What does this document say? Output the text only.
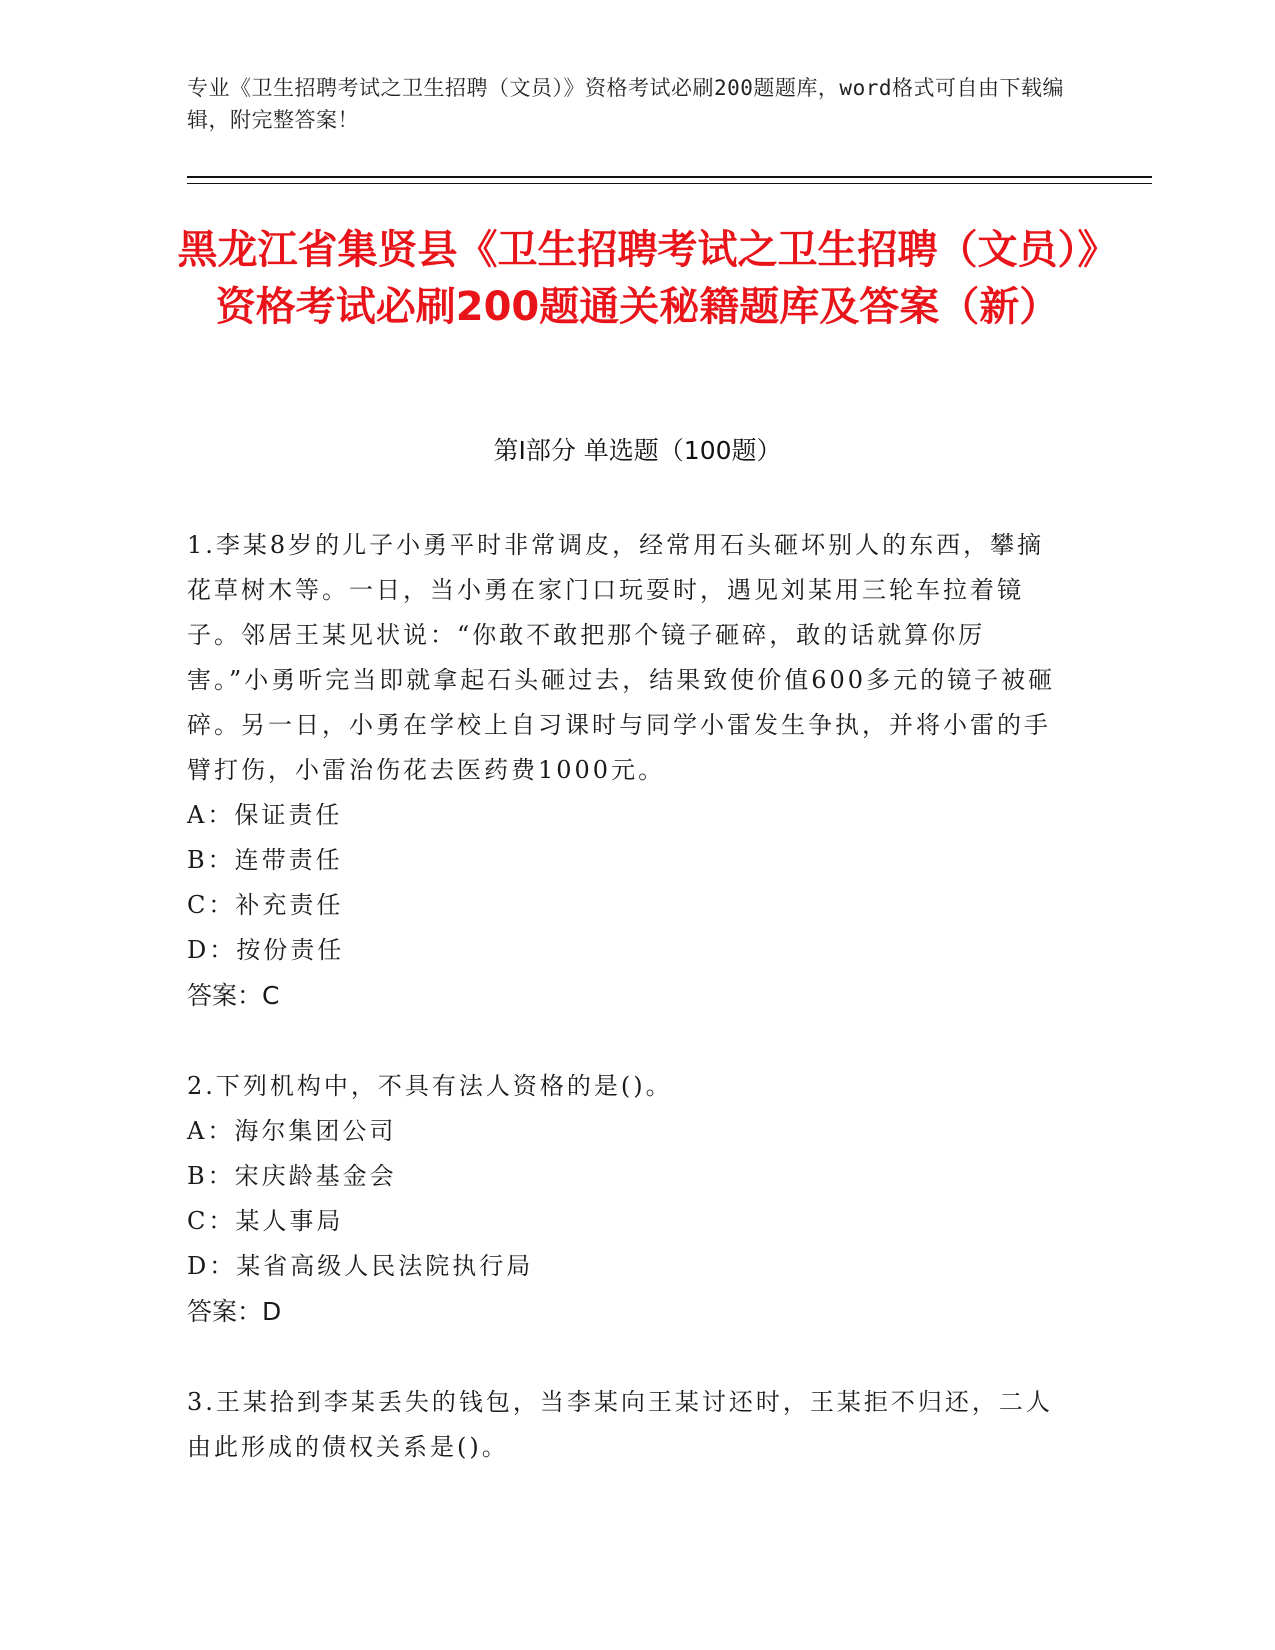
专业《卫生招聘考试之卫生招聘（文员）》资格考试必刷200题题库，word格式可自由下载编辑，附完整答案！
黑龙江省集贤县《卫生招聘考试之卫生招聘（文员）》资格考试必刷200题通关秘籍题库及答案（新）
第Ⅰ部分 单选题（100题）

1.李某8岁的儿子小勇平时非常调皮，经常用石头砸坏别人的东西，攀摘花草树木等。一日，当小勇在家门口玩耍时，遇见刘某用三轮车拉着镜子。邻居王某见状说：“你敢不敢把那个镜子砸碎，敢的话就算你厉害。”小勇听完当即就拿起石头砸过去，结果致使价值600多元的镜子被砸碎。另一日，小勇在学校上自习课时与同学小雷发生争执，并将小雷的手臂打伤，小雷治伤花去医药费1000元。

A：保证责任

B：连带责任

C：补充责任

D：按份责任

答案：C

2.下列机构中，不具有法人资格的是()。

A：海尔集团公司

B：宋庆龄基金会

C：某人事局

D：某省高级人民法院执行局

答案：D

3.王某拾到李某丢失的钱包，当李某向王某讨还时，王某拒不归还，二人由此形成的债权关系是()。
